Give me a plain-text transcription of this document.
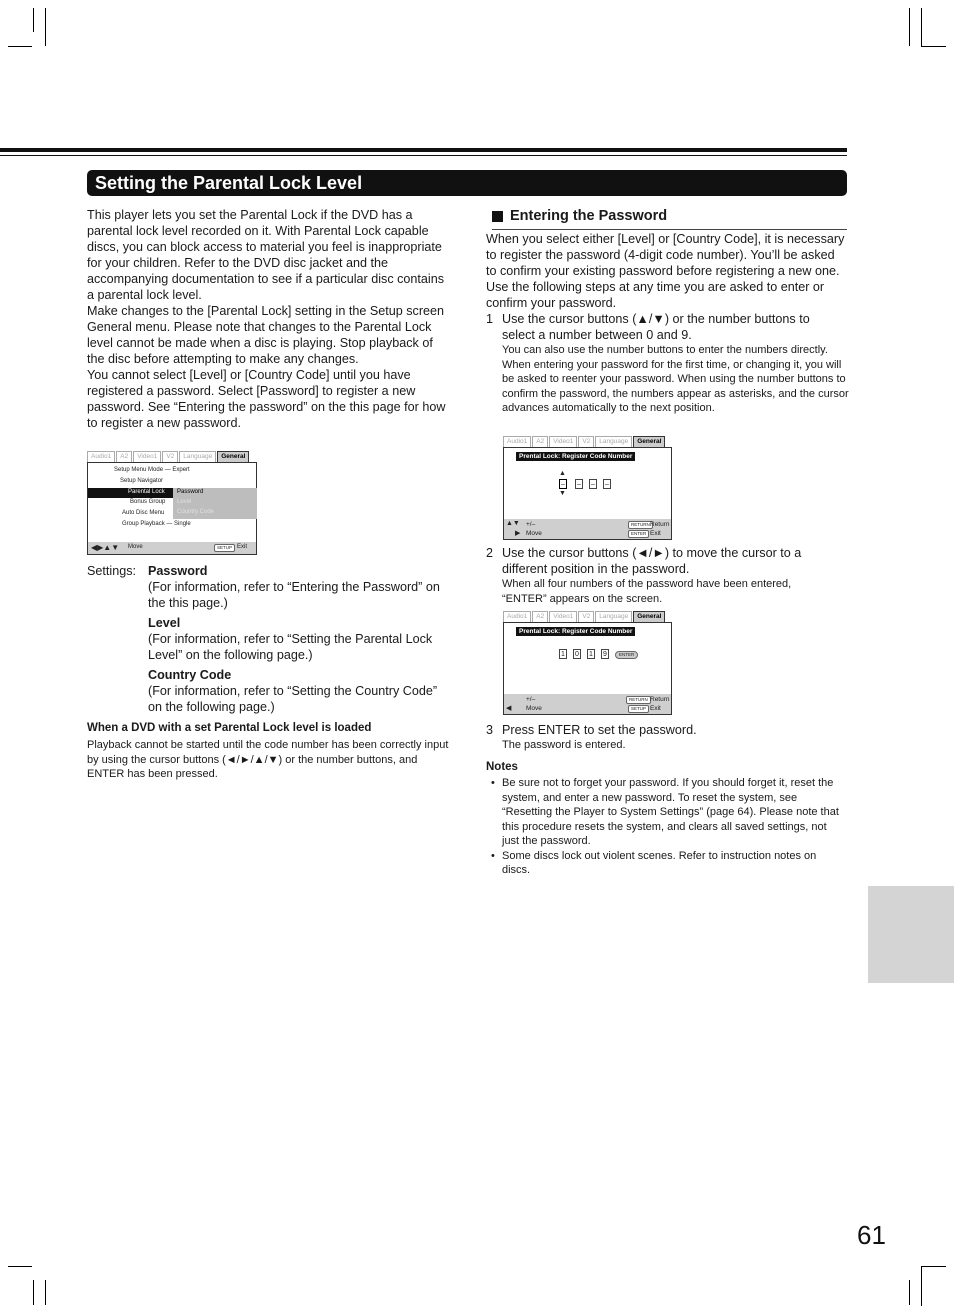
Setting the Parental Lock Level

This player lets you set the Parental Lock if the DVD has a parental lock level recorded on it. With Parental Lock capable discs, you can block access to material you feel is inappropriate for your children. Refer to the DVD disc jacket and the accompanying documentation to see if a particular disc contains a parental lock level.

Make changes to the [Parental Lock] setting in the Setup screen General menu. Please note that changes to the Parental Lock level cannot be made when a disc is playing. Stop playback of the disc before attempting to make any changes.

You cannot select [Level] or [Country Code] until you have registered a password. Select [Password] to register a new password. See “Entering the password” on the this page for how to register a new password.

Audio1	A2	Video1	V2	Language	General
Setup Menu Mode — Expert
Setup Navigator
Parental Lock Password
Level
Country Code
Bonus Group
Auto Disc Menu
Group Playback — Single
◀▶▲▼ Move	SETUP Exit
Settings: Password
(For information, refer to “Entering the Password” on the this page.)
Level
(For information, refer to “Setting the Parental Lock Level” on the following page.)
Country Code
(For information, refer to “Setting the Country Code” on the following page.)
When a DVD with a set Parental Lock level is loaded
Playback cannot be started until the code number has been correctly input by using the cursor buttons (◄/►/▲/▼) or the number buttons, and ENTER has been pressed.
Entering the Password
When you select either [Level] or [Country Code], it is necessary to register the password (4-digit code number). You’ll be asked to confirm your existing password before registering a new one. Use the following steps at any time you are asked to enter or confirm your password.
1 Use the cursor buttons (▲/▼) or the number buttons to select a number between 0 and 9.
You can also use the number buttons to enter the numbers directly. When entering your password for the first time, or changing it, you will be asked to reenter your password. When using the number buttons to confirm the password, the numbers appear as asterisks, and the cursor advances automatically to the next position.
Audio1	A2	Video1	V2	Language	General
Prental Lock: Register Code Number
▲
– – – –
▼
▲▼ +/–
▶ Move
RETURN Return
ENTER Exit
2 Use the cursor buttons (◄/►) to move the cursor to a different position in the password.
When all four numbers of the password have been entered, “ENTER” appears on the screen.
Audio1	A2	Video1	V2	Language	General
Prental Lock: Register Code Number
1 0 1 9	ENTER
+/–
◀ Move
RETURN Return
SETUP Exit
3 Press ENTER to set the password.
The password is entered.
Notes
• Be sure not to forget your password. If you should forget it, reset the system, and enter a new password. To reset the system, see “Resetting the Player to System Settings” (page 64). Please note that this procedure resets the system, and clears all saved settings, not just the password.
• Some discs lock out violent scenes. Refer to instruction notes on discs.
61
